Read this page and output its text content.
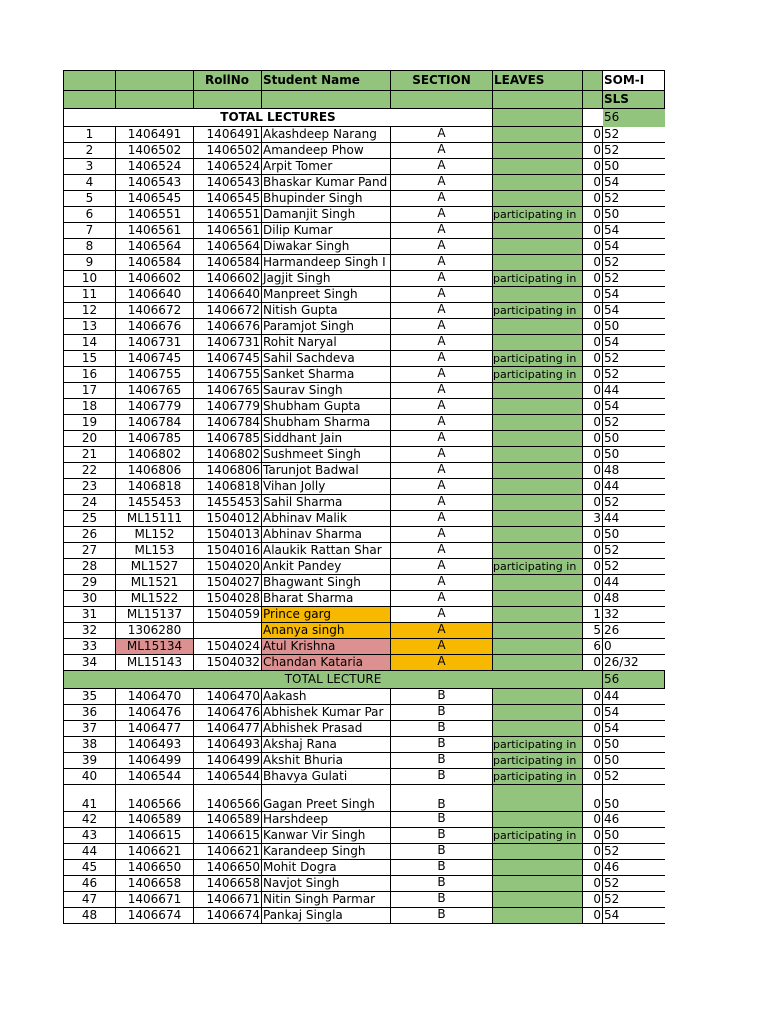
		RollNo	Student Name	SECTION	LEAVES		SOM-I
							SLS
TOTAL LECTURES							56
1	1406491	1406491	Akashdeep Narang	A		0	52
2	1406502	1406502	Amandeep Phow	A		0	52
3	1406524	1406524	Arpit Tomer	A		0	50
4	1406543	1406543	Bhaskar Kumar Pand	A		0	54
5	1406545	1406545	Bhupinder Singh	A		0	52
6	1406551	1406551	Damanjit Singh	A	participating in	0	50
7	1406561	1406561	Dilip Kumar	A		0	54
8	1406564	1406564	Diwakar Singh	A		0	54
9	1406584	1406584	Harmandeep Singh I	A		0	52
10	1406602	1406602	Jagjit Singh	A	participating in	0	52
11	1406640	1406640	Manpreet Singh	A		0	54
12	1406672	1406672	Nitish Gupta	A	participating in	0	54
13	1406676	1406676	Paramjot Singh	A		0	50
14	1406731	1406731	Rohit Naryal	A		0	54
15	1406745	1406745	Sahil Sachdeva	A	participating in	0	52
16	1406755	1406755	Sanket Sharma	A	participating in	0	52
17	1406765	1406765	Saurav Singh	A		0	44
18	1406779	1406779	Shubham Gupta	A		0	54
19	1406784	1406784	Shubham Sharma	A		0	52
20	1406785	1406785	Siddhant Jain	A		0	50
21	1406802	1406802	Sushmeet Singh	A		0	50
22	1406806	1406806	Tarunjot Badwal	A		0	48
23	1406818	1406818	Vihan Jolly	A		0	44
24	1455453	1455453	Sahil Sharma	A		0	52
25	ML15111	1504012	Abhinav Malik	A		3	44
26	ML152	1504013	Abhinav Sharma	A		0	50
27	ML153	1504016	Alaukik Rattan Shar	A		0	52
28	ML1527	1504020	Ankit Pandey	A	participating in	0	52
29	ML1521	1504027	Bhagwant Singh	A		0	44
30	ML1522	1504028	Bharat Sharma	A		0	48
31	ML15137	1504059	Prince garg	A		1	32
32	1306280		Ananya singh	A		5	26
33	ML15134	1504024	Atul Krishna	A		6	0
34	ML15143	1504032	Chandan Kataria	A		0	26/32
TOTAL LECTURE							56
35	1406470	1406470	Aakash	B		0	44
36	1406476	1406476	Abhishek Kumar Par	B		0	54
37	1406477	1406477	Abhishek Prasad	B		0	54
38	1406493	1406493	Akshaj Rana	B	participating in	0	50
39	1406499	1406499	Akshit Bhuria	B	participating in	0	50
40	1406544	1406544	Bhavya Gulati	B	participating in	0	52
41	1406566	1406566	Gagan Preet Singh	B		0	50
42	1406589	1406589	Harshdeep	B		0	46
43	1406615	1406615	Kanwar Vir Singh	B	participating in	0	50
44	1406621	1406621	Karandeep Singh	B		0	52
45	1406650	1406650	Mohit Dogra	B		0	46
46	1406658	1406658	Navjot Singh	B		0	52
47	1406671	1406671	Nitin Singh Parmar	B		0	52
48	1406674	1406674	Pankaj Singla	B		0	54
